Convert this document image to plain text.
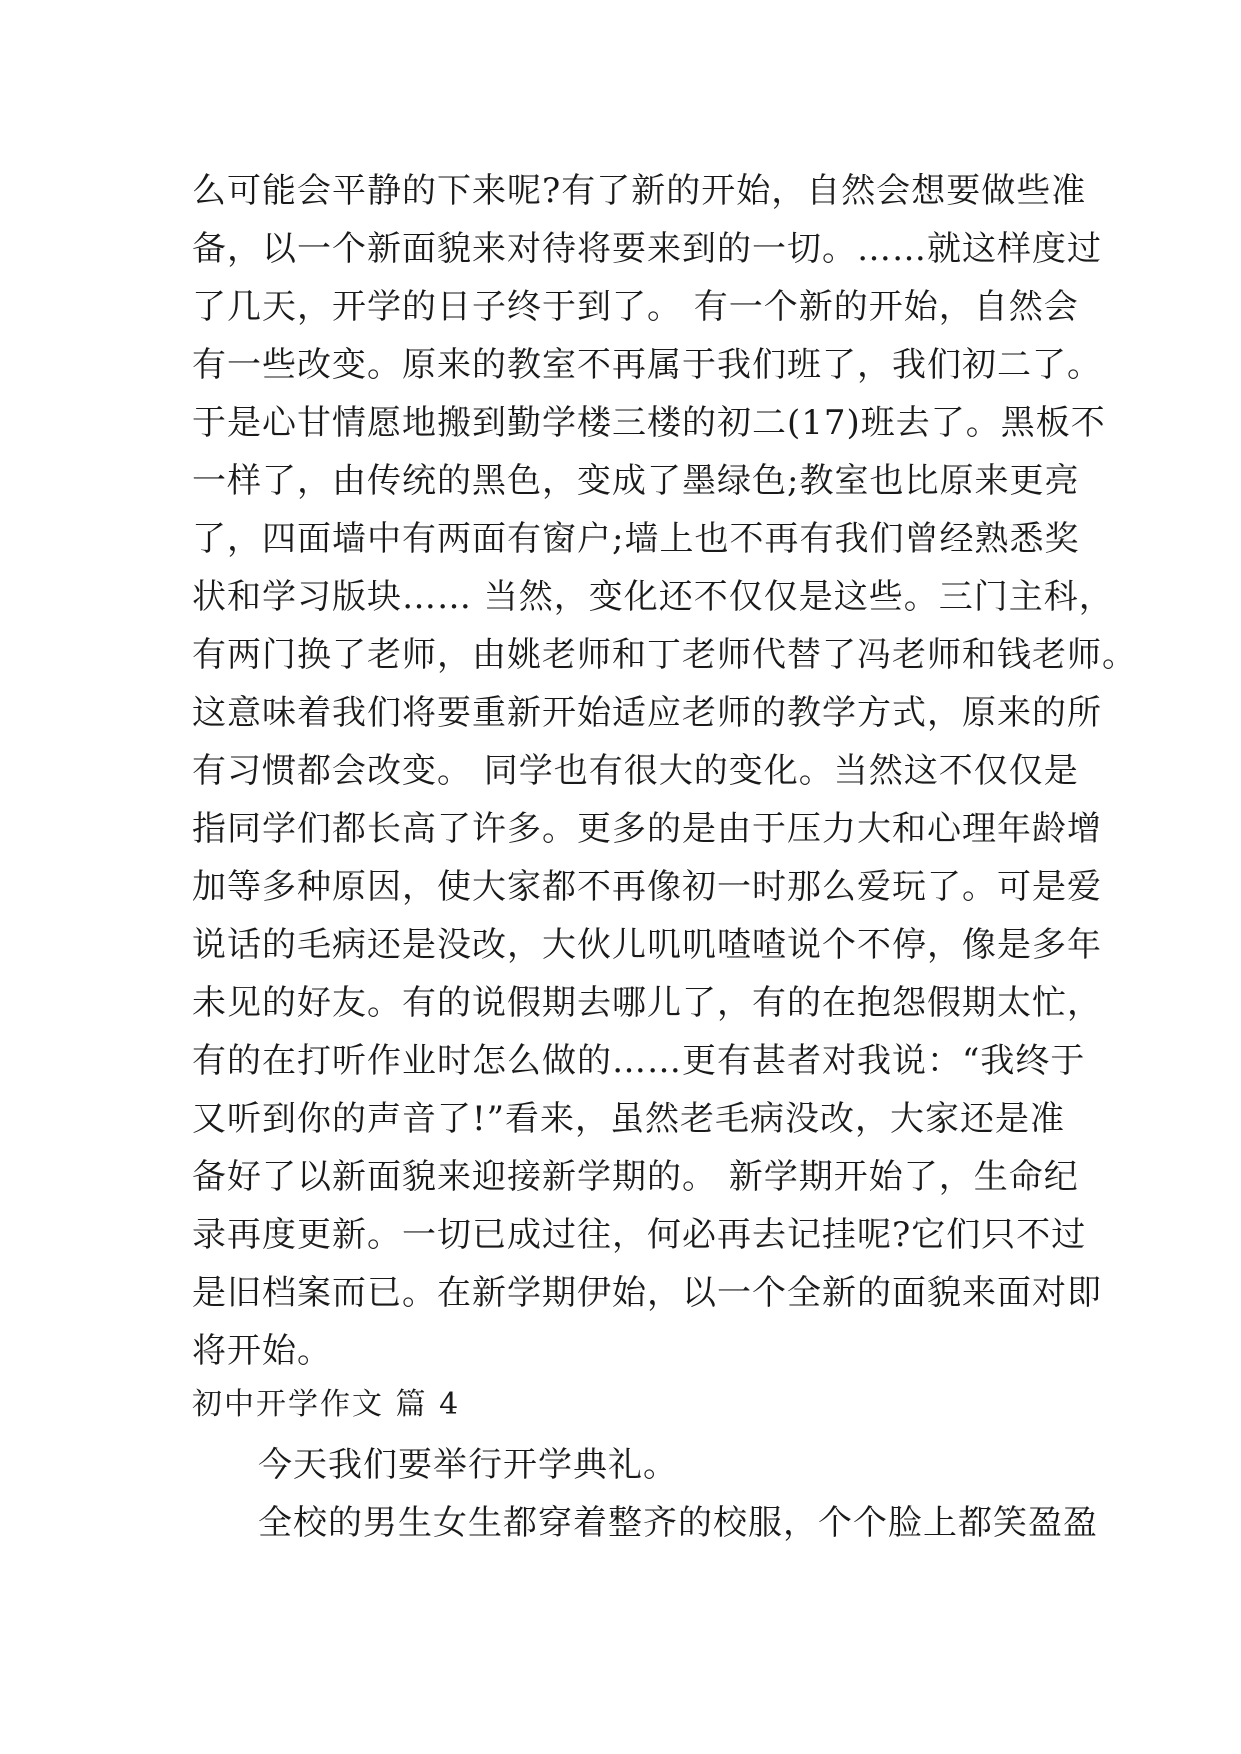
么可能会平静的下来呢?有了新的开始，自然会想要做些准
备，以一个新面貌来对待将要来到的一切。……就这样度过
了几天，开学的日子终于到了。 有一个新的开始，自然会
有一些改变。原来的教室不再属于我们班了，我们初二了。
于是心甘情愿地搬到勤学楼三楼的初二(17)班去了。黑板不
一样了，由传统的黑色，变成了墨绿色;教室也比原来更亮
了，四面墙中有两面有窗户;墙上也不再有我们曾经熟悉奖
状和学习版块…… 当然，变化还不仅仅是这些。三门主科，
有两门换了老师，由姚老师和丁老师代替了冯老师和钱老师。
这意味着我们将要重新开始适应老师的教学方式，原来的所
有习惯都会改变。 同学也有很大的变化。当然这不仅仅是
指同学们都长高了许多。更多的是由于压力大和心理年龄增
加等多种原因，使大家都不再像初一时那么爱玩了。可是爱
说话的毛病还是没改，大伙儿叽叽喳喳说个不停，像是多年
未见的好友。有的说假期去哪儿了，有的在抱怨假期太忙，
有的在打听作业时怎么做的……更有甚者对我说：“我终于
又听到你的声音了!”看来，虽然老毛病没改，大家还是准
备好了以新面貌来迎接新学期的。 新学期开始了，生命纪
录再度更新。一切已成过往，何必再去记挂呢?它们只不过
是旧档案而已。在新学期伊始，以一个全新的面貌来面对即
将开始。
初中开学作文 篇 4
今天我们要举行开学典礼。
全校的男生女生都穿着整齐的校服，个个脸上都笑盈盈
